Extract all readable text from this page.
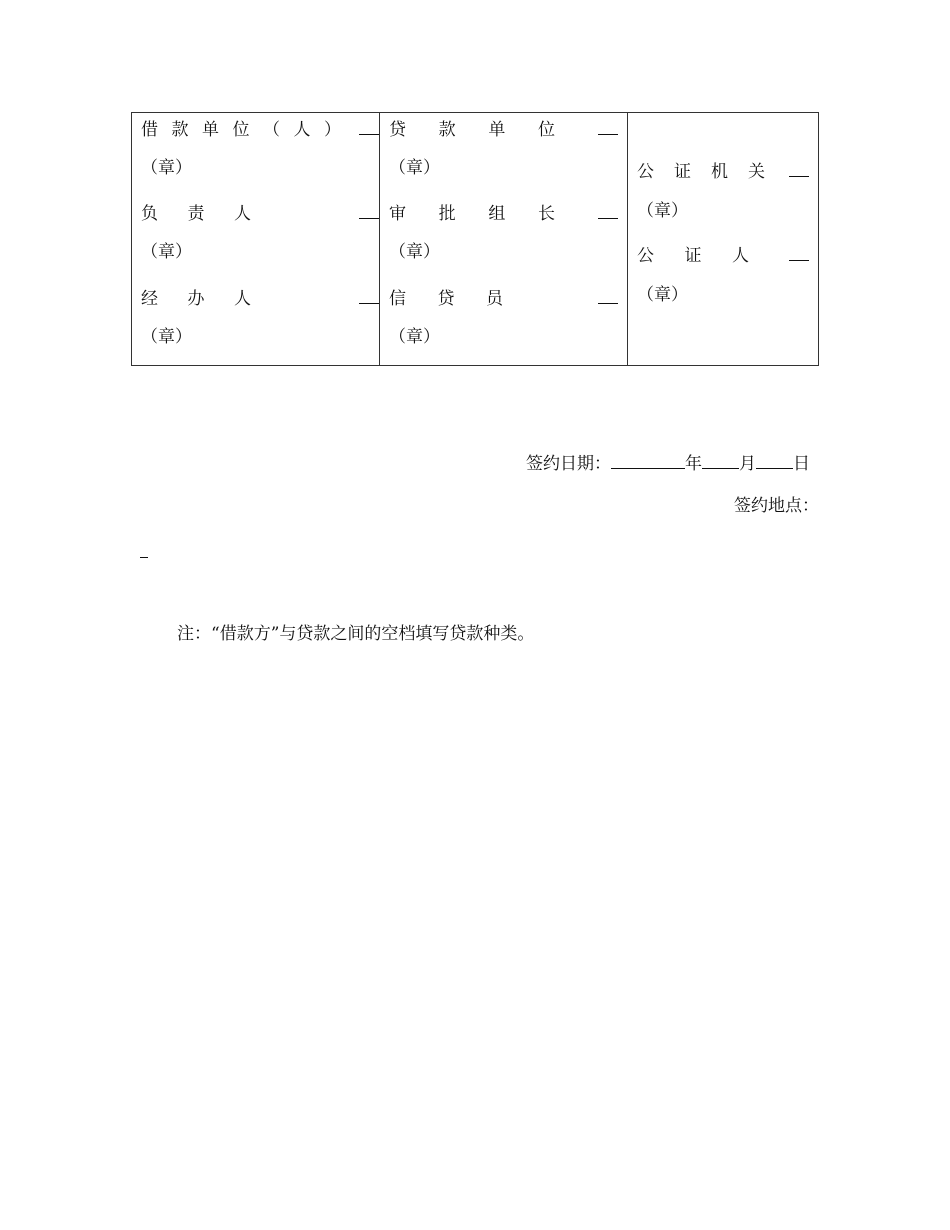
借 款 单 位 （ 人 ）
（章）
负 责 人
（章）
经 办 人
（章）
贷 款 单 位
（章）
审 批 组 长
（章）
信 贷 员
（章）
公 证 机 关
（章）
公 证 人
（章）
签约日期：	年 月 日
签约地点：
注：“借款方”与贷款之间的空档填写贷款种类。
